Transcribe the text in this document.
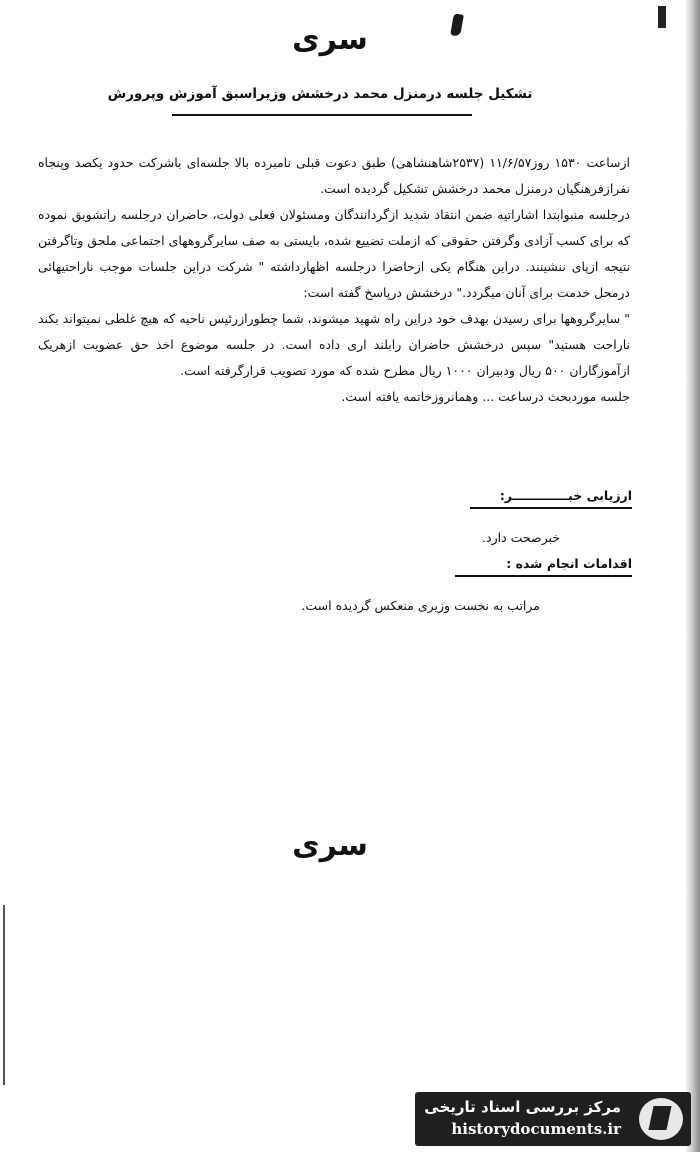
سری
تشکیل جلسه درمنزل محمد درخشش وزیراسبق آموزش وپرورش

ازساعت ۱۵۳۰ روز۱۱/۶/۵۷ (۲۵۳۷شاهنشاهی) طبق دعوت قبلی نامبرده بالا جلسه‌ای باشرکت حدود یکصد وپنجاه نفرازفرهنگیان درمنزل محمد درخشش تشکیل گردیده است.

درجلسه منبوابتدا اشاراتیه ضمن انتقاد شدید ازگردانندگان ومسئولان فعلی دولت، حاضران درجلسه راتشویق نموده که برای کسب آزادی وگرفتن حقوقی که ازملت تضییع شده، بایستی به صف سایرگروههای اجتماعی ملحق وتاگرفتن نتیجه ازپای ننشینند. دراین هنگام یکی ازحاضرا درجلسه اظهارداشته " شرکت دراین جلسات موجب ناراحتیهائی درمحل خدمت برای آنان میگردد." درخشش درپاسخ گفته است:

" سایرگروهها برای رسیدن بهدف خود دراین راه شهید میشوند، شما چطورازرئیس ناحیه که هیچ غلطی نمیتواند بکند ناراحت هستید" سپس درخشش حاضران رابلند اری داده است. در جلسه موضوع اخذ حق عضویت ازهریک ازآموزگاران ۵۰۰ ریال ودبیران ۱۰۰۰ ریال مطرح شده که مورد تصویب قرارگرفته است.

جلسه موردبحث درساعت ... وهمانروزخاتمه یافته است.

ارزیابی خبـــــــــــــر:
خبرصحت دارد.
اقدامات انجام شده :
مراتب به نخست وزیری منعکس گردیده است.
سری
مرکز بررسی اسناد تاریخی
historydocuments.ir
